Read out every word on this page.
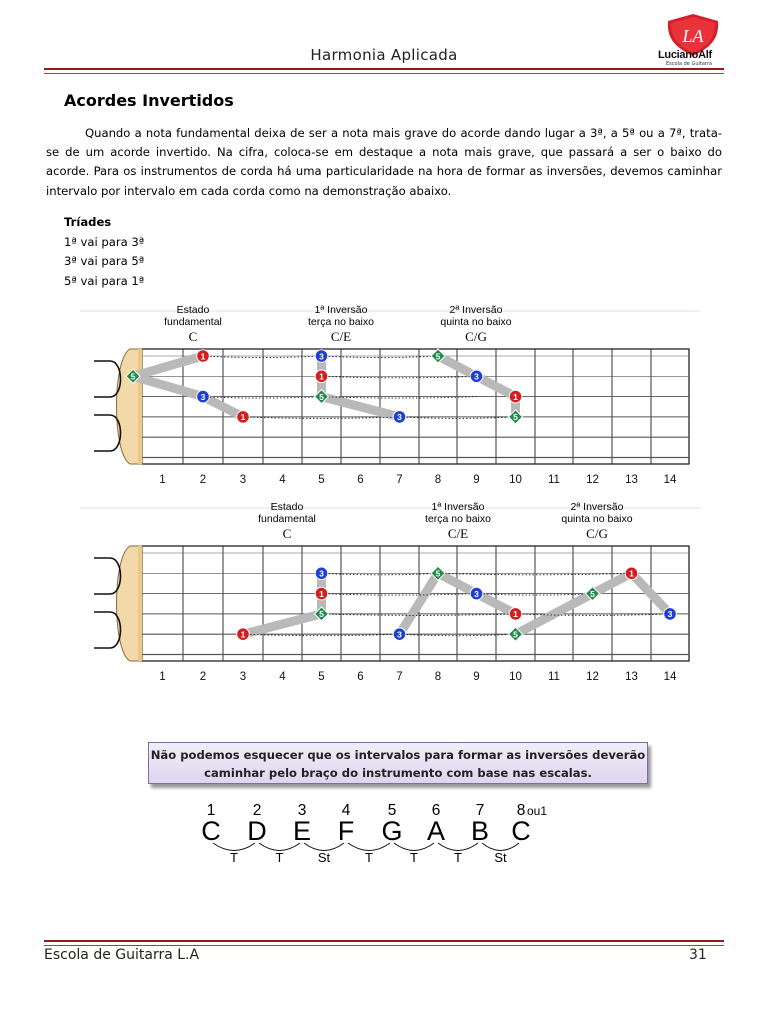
Harmonia Aplicada
LA
LucianoAlf
Escola de Guitarra
Acordes Invertidos

Quando a nota fundamental deixa de ser a nota mais grave do acorde dando lugar a 3ª, a 5ª ou a 7ª, trata-se de um acorde invertido. Na cifra, coloca-se em destaque a nota mais grave, que passará a ser o baixo do acorde. Para os instrumentos de corda há uma particularidade na hora de formar as inversões, devemos caminhar intervalo por intervalo em cada corda como na demonstração abaixo.

Tríades
1ª vai para 3ª
3ª vai para 5ª
5ª vai para 1ª
1	2	3	4	5	6	7	8	9	10 11 12 13 14
Estado
fundamental
C
1ª Inversão
terça no baixo
C/E
2ª Inversão
quinta no baixo
C/G
1
5
3
1
3
1
5
3
5
3
1
5
1	2	3	4	5	6	7	8	9	10 11 12 13 14
Estado
fundamental
C
1ª Inversão
terça no baixo
C/E
2ª Inversão
quinta no baixo
C/G
3
1
5
1	3
5
3
1
5
5
1
3
Não podemos esquecer que os intervalos para formar as inversões deverão caminhar pelo braço do instrumento com base nas escalas.
1 2 3 4 5 6 7 8 ou1
C D E F G A B C
T	T	St	T	T	T St
Escola de Guitarra L.A	31
